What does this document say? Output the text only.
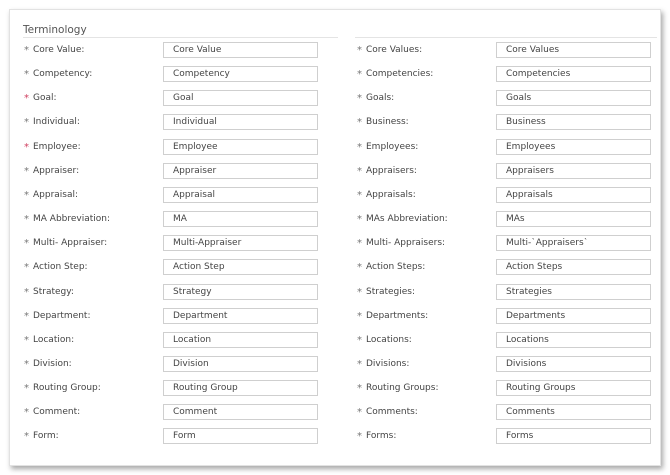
Terminology
* Core Value:
Core Value
* Competency:
Competency
* Goal:
Goal
* Individual:
Individual
* Employee:
Employee
* Appraiser:
Appraiser
* Appraisal:
Appraisal
* MA Abbreviation:
MA
* Multi- Appraiser:
Multi-Appraiser
* Action Step:
Action Step
* Strategy:
Strategy
* Department:
Department
* Location:
Location
* Division:
Division
* Routing Group:
Routing Group
* Comment:
Comment
* Form:
Form
* Core Values:
Core Values
* Competencies:
Competencies
* Goals:
Goals
* Business:
Business
* Employees:
Employees
* Appraisers:
Appraisers
* Appraisals:
Appraisals
* MAs Abbreviation:
MAs
* Multi- Appraisers:
Multi-`Appraisers`
* Action Steps:
Action Steps
* Strategies:
Strategies
* Departments:
Departments
* Locations:
Locations
* Divisions:
Divisions
* Routing Groups:
Routing Groups
* Comments:
Comments
* Forms:
Forms
